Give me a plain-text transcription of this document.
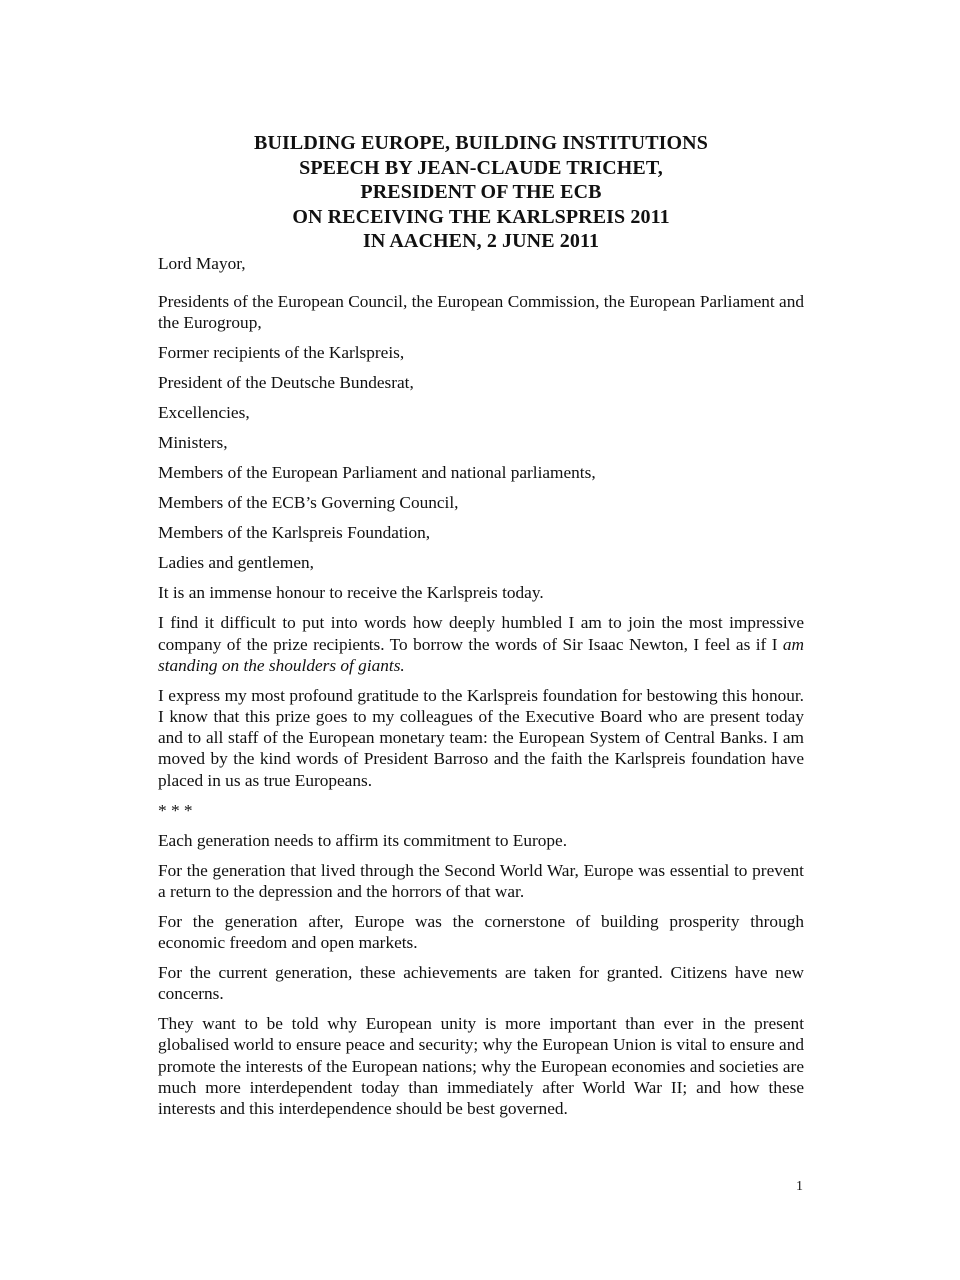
BUILDING EUROPE, BUILDING INSTITUTIONS
SPEECH BY JEAN-CLAUDE TRICHET,
PRESIDENT OF THE ECB
ON RECEIVING THE KARLSPREIS 2011
IN AACHEN, 2 JUNE 2011

Lord Mayor,

Presidents of the European Council, the European Commission, the European Parliament and the Eurogroup,

Former recipients of the Karlspreis,

President of the Deutsche Bundesrat,

Excellencies,

Ministers,

Members of the European Parliament and national parliaments,

Members of the ECB’s Governing Council,

Members of the Karlspreis Foundation,

Ladies and gentlemen,

It is an immense honour to receive the Karlspreis today.

I find it difficult to put into words how deeply humbled I am to join the most impressive company of the prize recipients. To borrow the words of Sir Isaac Newton, I feel as if I am standing on the shoulders of giants.

I express my most profound gratitude to the Karlspreis foundation for bestowing this honour. I know that this prize goes to my colleagues of the Executive Board who are present today and to all staff of the European monetary team: the European System of Central Banks. I am moved by the kind words of President Barroso and the faith the Karlspreis foundation have placed in us as true Europeans.

* * *

Each generation needs to affirm its commitment to Europe.

For the generation that lived through the Second World War, Europe was essential to prevent a return to the depression and the horrors of that war.

For the generation after, Europe was the cornerstone of building prosperity through economic freedom and open markets.

For the current generation, these achievements are taken for granted. Citizens have new concerns.

They want to be told why European unity is more important than ever in the present globalised world to ensure peace and security; why the European Union is vital to ensure and promote the interests of the European nations; why the European economies and societies are much more interdependent today than immediately after World War II; and how these interests and this interdependence should be best governed.

1
